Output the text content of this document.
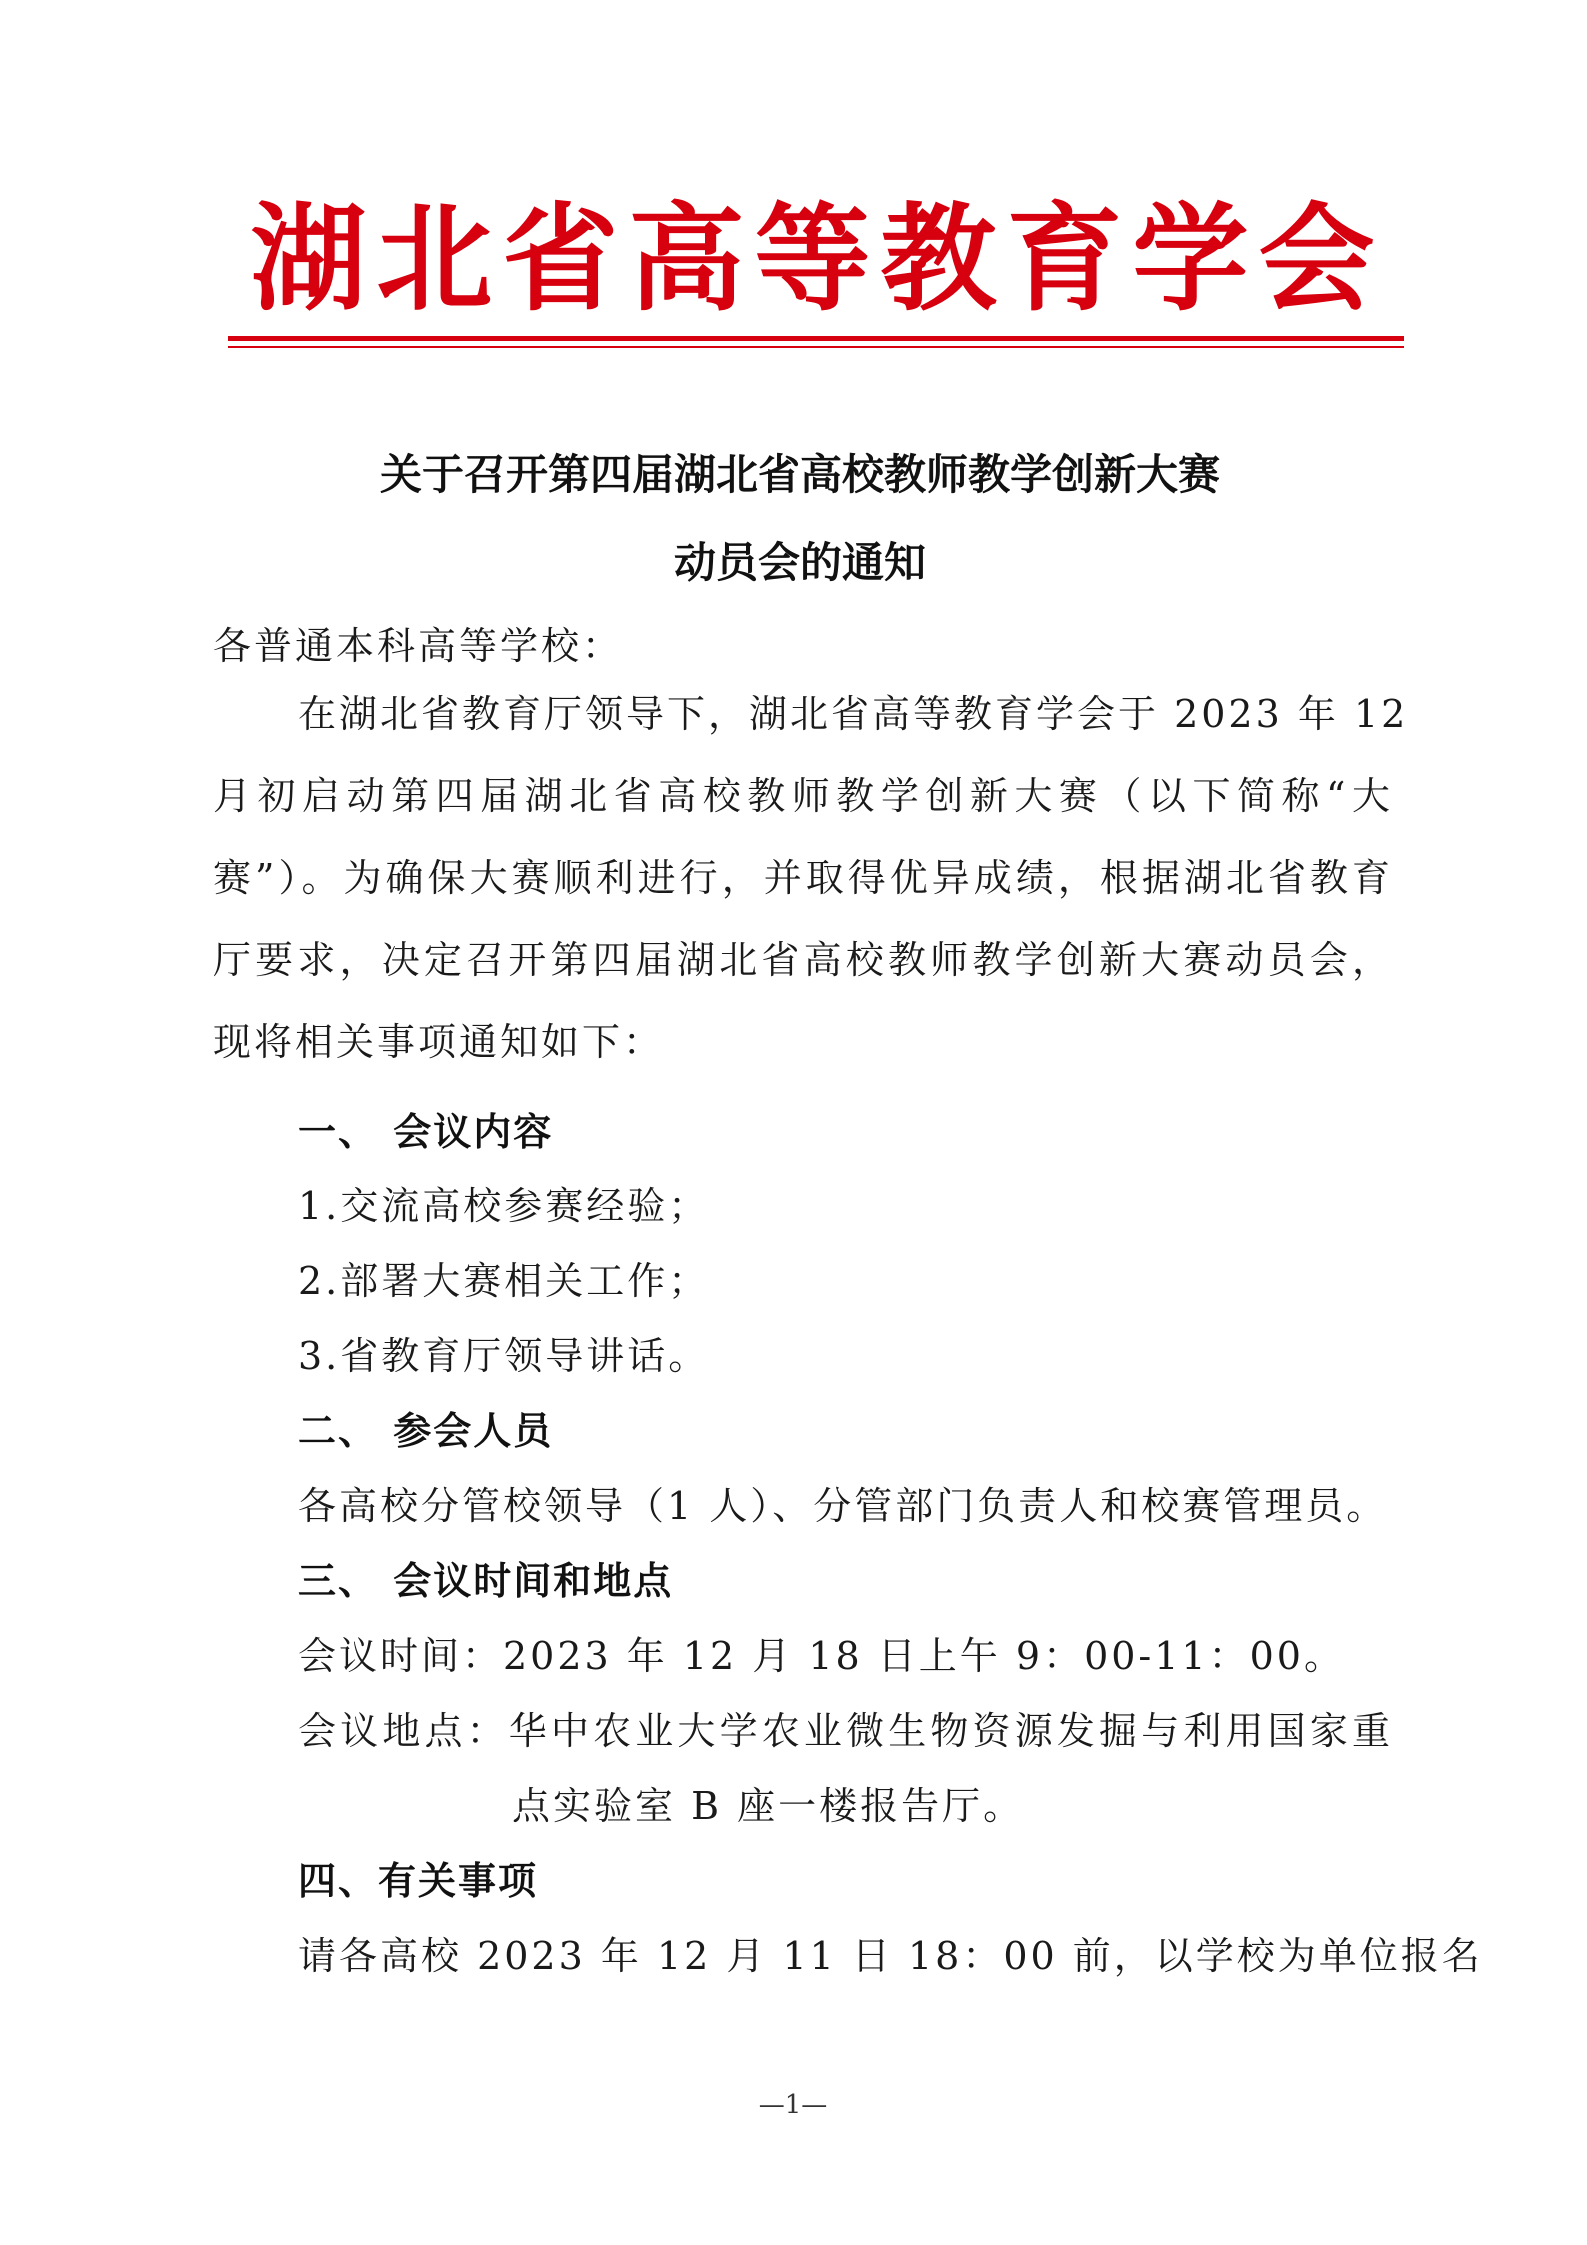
湖北省高等教育学会
关于召开第四届湖北省高校教师教学创新大赛
动员会的通知
各普通本科高等学校：
在湖北省教育厅领导下，湖北省高等教育学会于 2023 年 12
月初启动第四届湖北省高校教师教学创新大赛（以下简称“大
赛”）。为确保大赛顺利进行，并取得优异成绩，根据湖北省教育
厅要求，决定召开第四届湖北省高校教师教学创新大赛动员会，
现将相关事项通知如下：
一、 会议内容
1.交流高校参赛经验；
2.部署大赛相关工作；
3.省教育厅领导讲话。
二、 参会人员
各高校分管校领导（1 人）、分管部门负责人和校赛管理员。
三、 会议时间和地点
会议时间：2023 年 12 月 18 日上午 9：00-11：00。
会议地点：华中农业大学农业微生物资源发掘与利用国家重
点实验室 B 座一楼报告厅。
四、有关事项
请各高校 2023 年 12 月 11 日 18：00 前，以学校为单位报名
—1—
